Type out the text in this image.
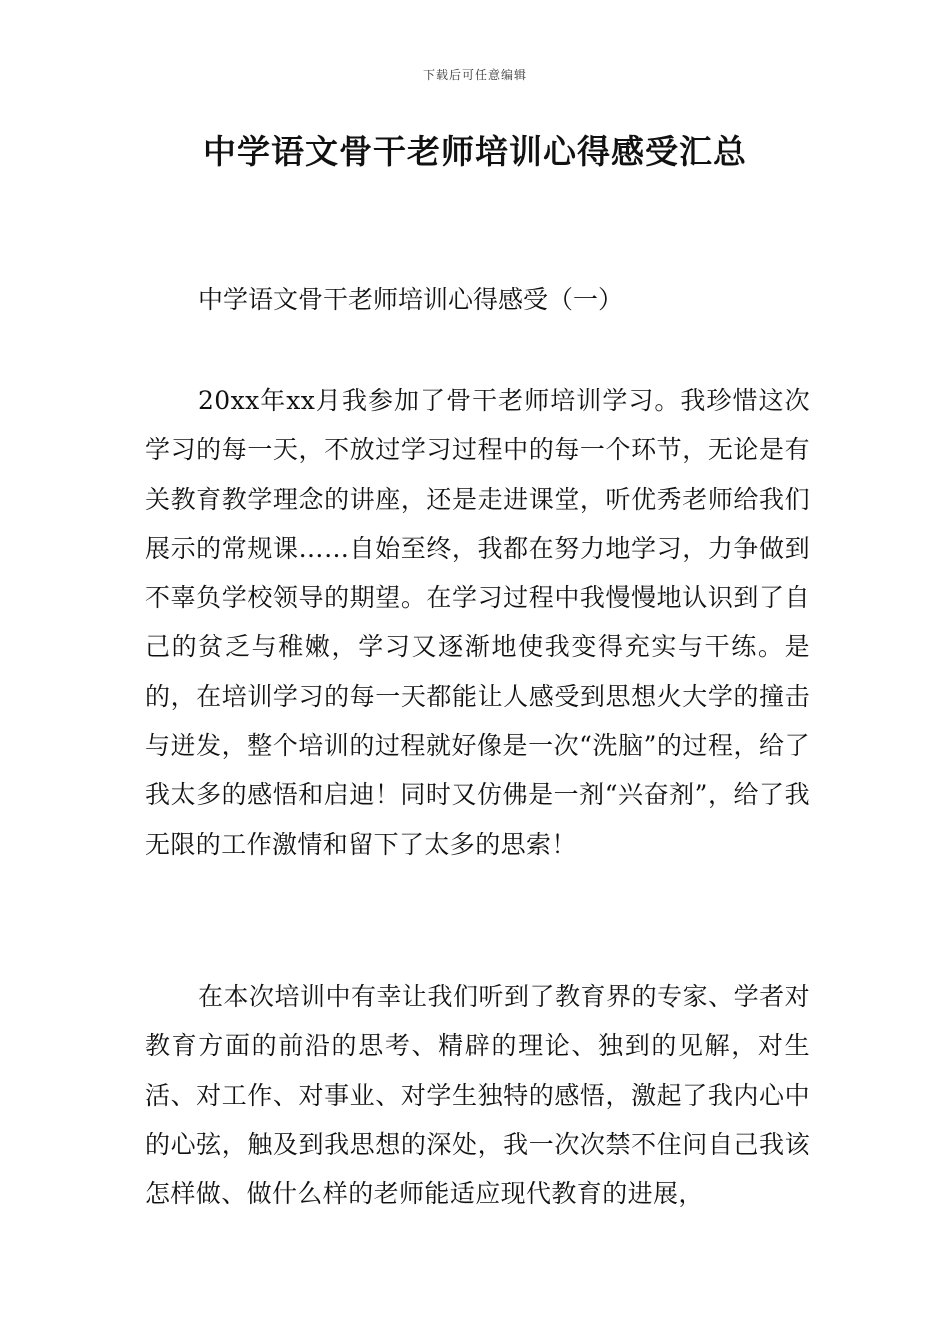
下载后可任意编辑
中学语文骨干老师培训心得感受汇总
中学语文骨干老师培训心得感受（一）

20xx年xx月我参加了骨干老师培训学习。我珍惜这次学习的每一天，不放过学习过程中的每一个环节，无论是有关教育教学理念的讲座，还是走进课堂，听优秀老师给我们展示的常规课……自始至终，我都在努力地学习，力争做到不辜负学校领导的期望。在学习过程中我慢慢地认识到了自己的贫乏与稚嫩，学习又逐渐地使我变得充实与干练。是的，在培训学习的每一天都能让人感受到思想火大学的撞击与迸发，整个培训的过程就好像是一次“洗脑”的过程，给了我太多的感悟和启迪！同时又仿佛是一剂“兴奋剂”，给了我无限的工作激情和留下了太多的思索！

在本次培训中有幸让我们听到了教育界的专家、学者对教育方面的前沿的思考、精辟的理论、独到的见解，对生活、对工作、对事业、对学生独特的感悟，激起了我内心中的心弦，触及到我思想的深处，我一次次禁不住问自己我该怎样做、做什么样的老师能适应现代教育的进展，
